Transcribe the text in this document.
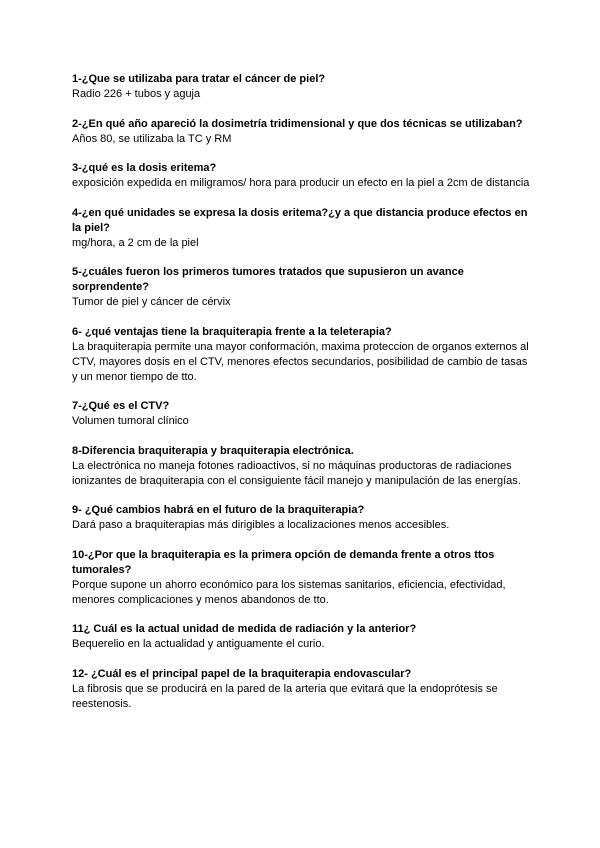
1-¿Que se utilizaba para tratar el cáncer de piel?

Radio 226 + tubos y aguja

2-¿En qué año apareció la dosimetría tridimensional y que dos técnicas se utilizaban?

Años 80, se utilizaba la TC y RM

3-¿qué es la dosis eritema?

exposición expedida en miligramos/ hora para producir un efecto en la piel a 2cm de distancia

4-¿en qué unidades se expresa la dosis eritema?¿y a que distancia produce efectos en la piel?

mg/hora, a 2 cm de la piel

5-¿cuáles fueron los primeros tumores tratados que supusieron un avance sorprendente?

Tumor de piel y cáncer de cérvix

6- ¿qué ventajas tiene la braquiterapia frente a la teleterapia?

La braquiterapia permite una mayor conformación, maxima proteccion de organos externos al CTV, mayores dosis en el CTV, menores efectos secundarios, posibilidad de cambio de tasas y un menor tiempo de tto.

7-¿Qué es el CTV?

Volumen tumoral clínico

8-Diferencia braquiterapia y braquiterapia electrónica.

La electrónica no maneja fotones radioactivos, si no máquinas productoras de radiaciones ionizantes de braquiterapia con el consiguiente fácil manejo y manipulación de las energías.

9- ¿Qué cambios habrá en el futuro de la braquiterapia?

Dará paso a braquiterapias más dirigibles a localizaciones menos accesibles.

10-¿Por que la braquiterapia es la primera opción de demanda frente a otros ttos tumorales?

Porque supone un ahorro económico para los sistemas sanitarios, eficiencia, efectividad, menores complicaciones y menos abandonos de tto.

11¿ Cuál es la actual unidad de medida de radiación y la anterior?

Bequerelio en la actualidad y antiguamente el curio.

12- ¿Cuál es el principal papel de la braquiterapia endovascular?

La fibrosis que se producirá en la pared de la arteria que evitará que la endoprótesis se reestenosis.
